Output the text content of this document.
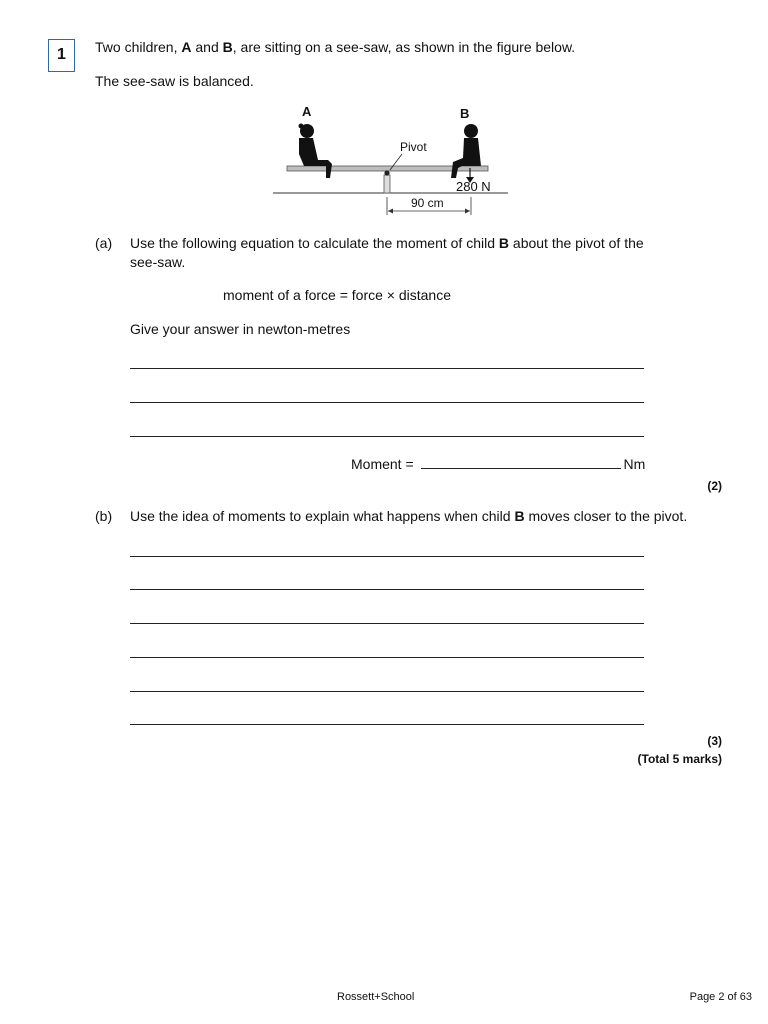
1	Two children, A and B, are sitting on a see-saw, as shown in the figure below.
The see-saw is balanced.
Pivot
A	B
280 N
90 cm
(a) Use the following equation to calculate the moment of child B about the pivot of the
see-saw.
moment of a force = force × distance
Give your answer in newton-metres
Moment =	Nm
(2)
(b) Use the idea of moments to explain what happens when child B moves closer to the pivot.
(3)
(Total 5 marks)
Rossett+School	Page 2 of 63
